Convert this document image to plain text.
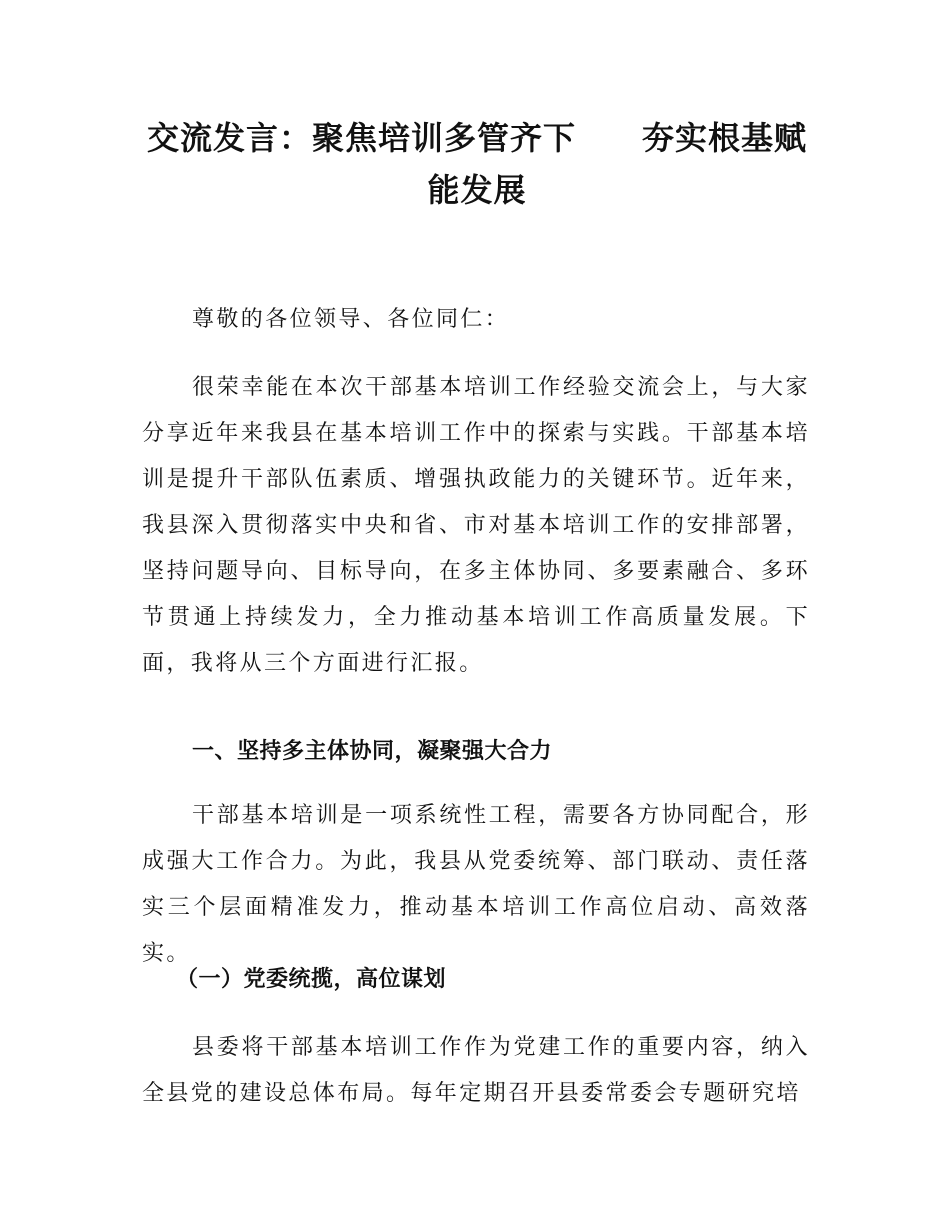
交流发言：聚焦培训多管齐下　　夯实根基赋
能发展
尊敬的各位领导、各位同仁：
很荣幸能在本次干部基本培训工作经验交流会上，与大家分享近年来我县在基本培训工作中的探索与实践。干部基本培训是提升干部队伍素质、增强执政能力的关键环节。近年来，我县深入贯彻落实中央和省、市对基本培训工作的安排部署，坚持问题导向、目标导向，在多主体协同、多要素融合、多环节贯通上持续发力，全力推动基本培训工作高质量发展。下面，我将从三个方面进行汇报。
一、坚持多主体协同，凝聚强大合力
干部基本培训是一项系统性工程，需要各方协同配合，形成强大工作合力。为此，我县从党委统筹、部门联动、责任落实三个层面精准发力，推动基本培训工作高位启动、高效落实。
（一）党委统揽，高位谋划
县委将干部基本培训工作作为党建工作的重要内容，纳入全县党的建设总体布局。每年定期召开县委常委会专题研究培
